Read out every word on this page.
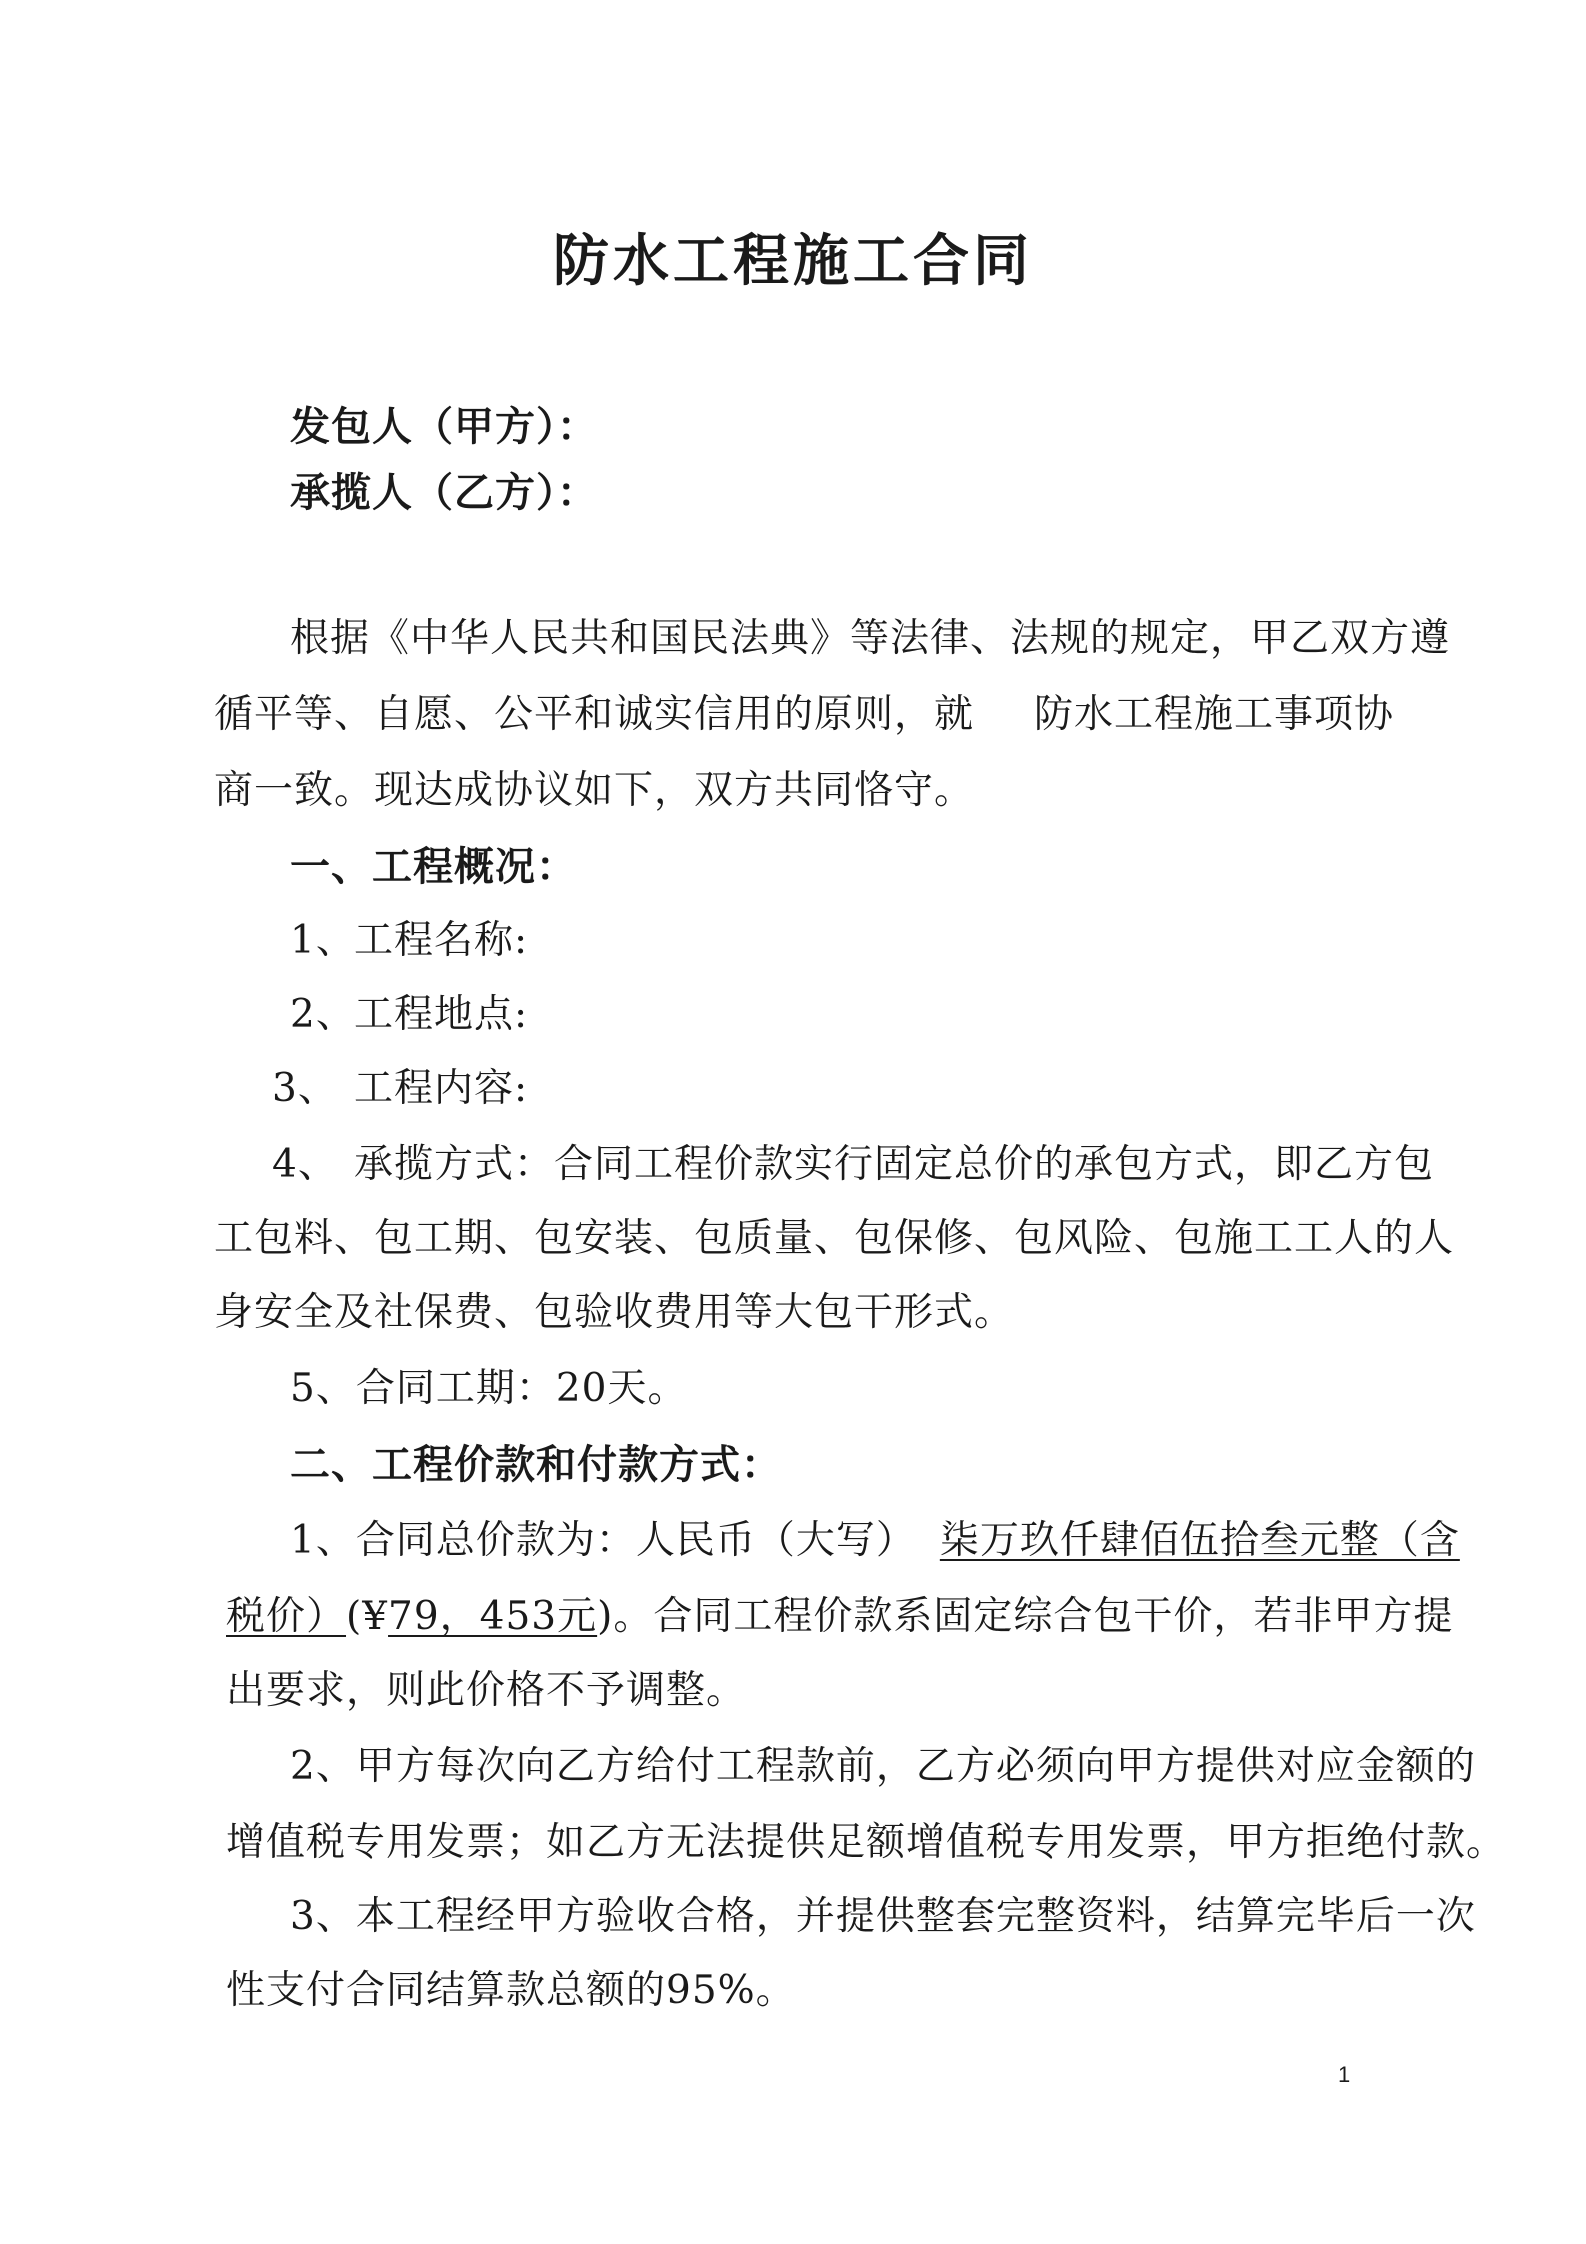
防水工程施工合同
发包人（甲方）：
承揽人（乙方）：
根据《中华人民共和国民法典》等法律、法规的规定，甲乙双方遵
循平等、自愿、公平和诚实信用的原则，就 防水工程施工事项协
商一致。现达成协议如下，双方共同恪守。
一、工程概况：
1、
工程名称:
2、
工程地点:
3、 工程内容:
4、 承揽方式：合同工程价款实行固定总价的承包方式，即乙方包
工包料、包工期、包安装、包质量、包保修、包风险、包施工工人的人
身安全及社保费、包验收费用等大包干形式。
5、合同工期：20天。
二、工程价款和付款方式：
1、合同总价款为：人民币（大写） 柒万玖仟肆佰伍拾叁元整（含
税价）(¥79，453元)。合同工程价款系固定综合包干价，若非甲方提
出要求，则此价格不予调整。
2、甲方每次向乙方给付工程款前，乙方必须向甲方提供对应金额的
增值税专用发票；如乙方无法提供足额增值税专用发票，甲方拒绝付款。
3、本工程经甲方验收合格，并提供整套完整资料，结算完毕后一次
性支付合同结算款总额的95%。
1
